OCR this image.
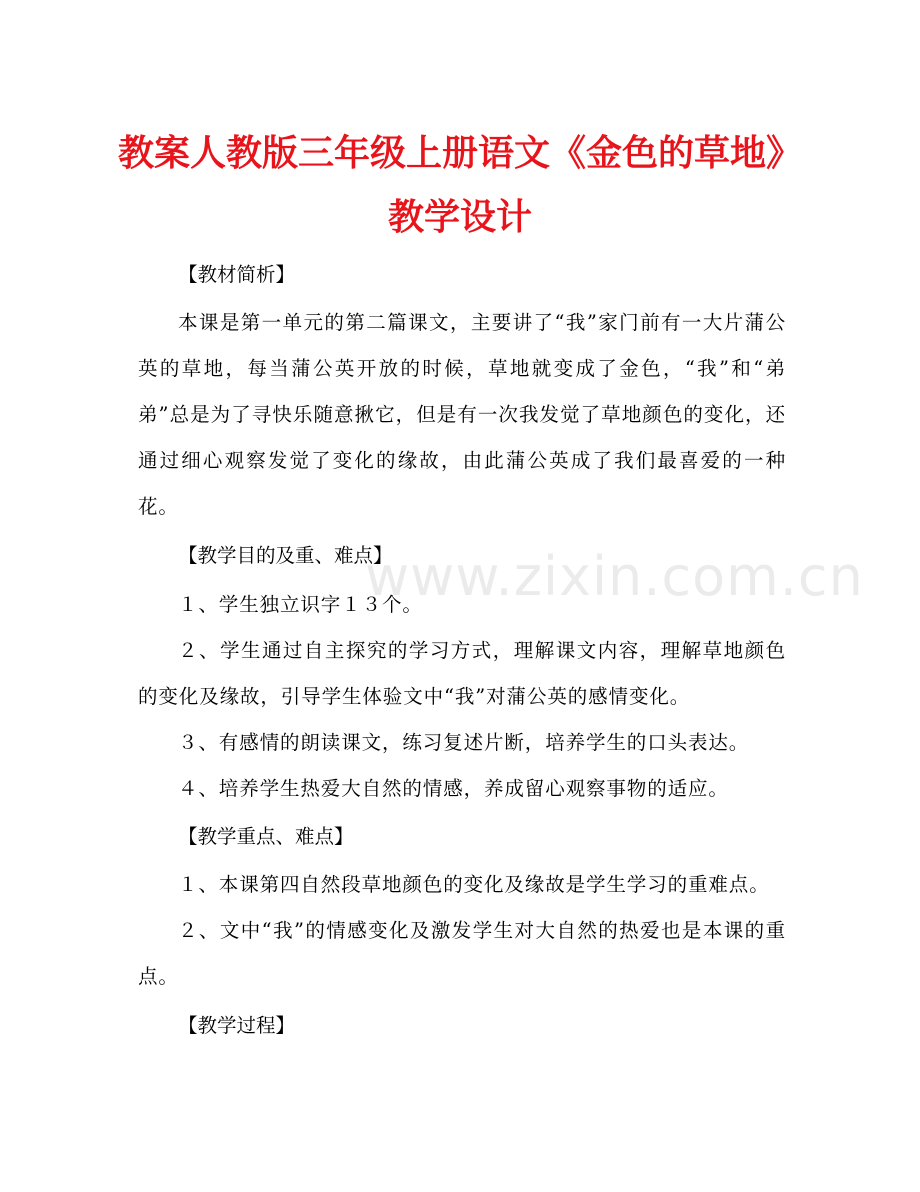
教案人教版三年级上册语文《金色的草地》
教学设计
www.zixin.com.cn
【教材简析】
本课是第一单元的第二篇课文，主要讲了“我”家门前有一大片蒲公英的草地，每当蒲公英开放的时候，草地就变成了金色，“我”和“弟弟”总是为了寻快乐随意揪它，但是有一次我发觉了草地颜色的变化，还通过细心观察发觉了变化的缘故，由此蒲公英成了我们最喜爱的一种花。
【教学目的及重、难点】
１、学生独立识字１３个。
２、学生通过自主探究的学习方式，理解课文内容，理解草地颜色的变化及缘故，引导学生体验文中“我”对蒲公英的感情变化。
３、有感情的朗读课文，练习复述片断，培养学生的口头表达。
４、培养学生热爱大自然的情感，养成留心观察事物的适应。
【教学重点、难点】
１、本课第四自然段草地颜色的变化及缘故是学生学习的重难点。
２、文中“我”的情感变化及激发学生对大自然的热爱也是本课的重点。
【教学过程】
